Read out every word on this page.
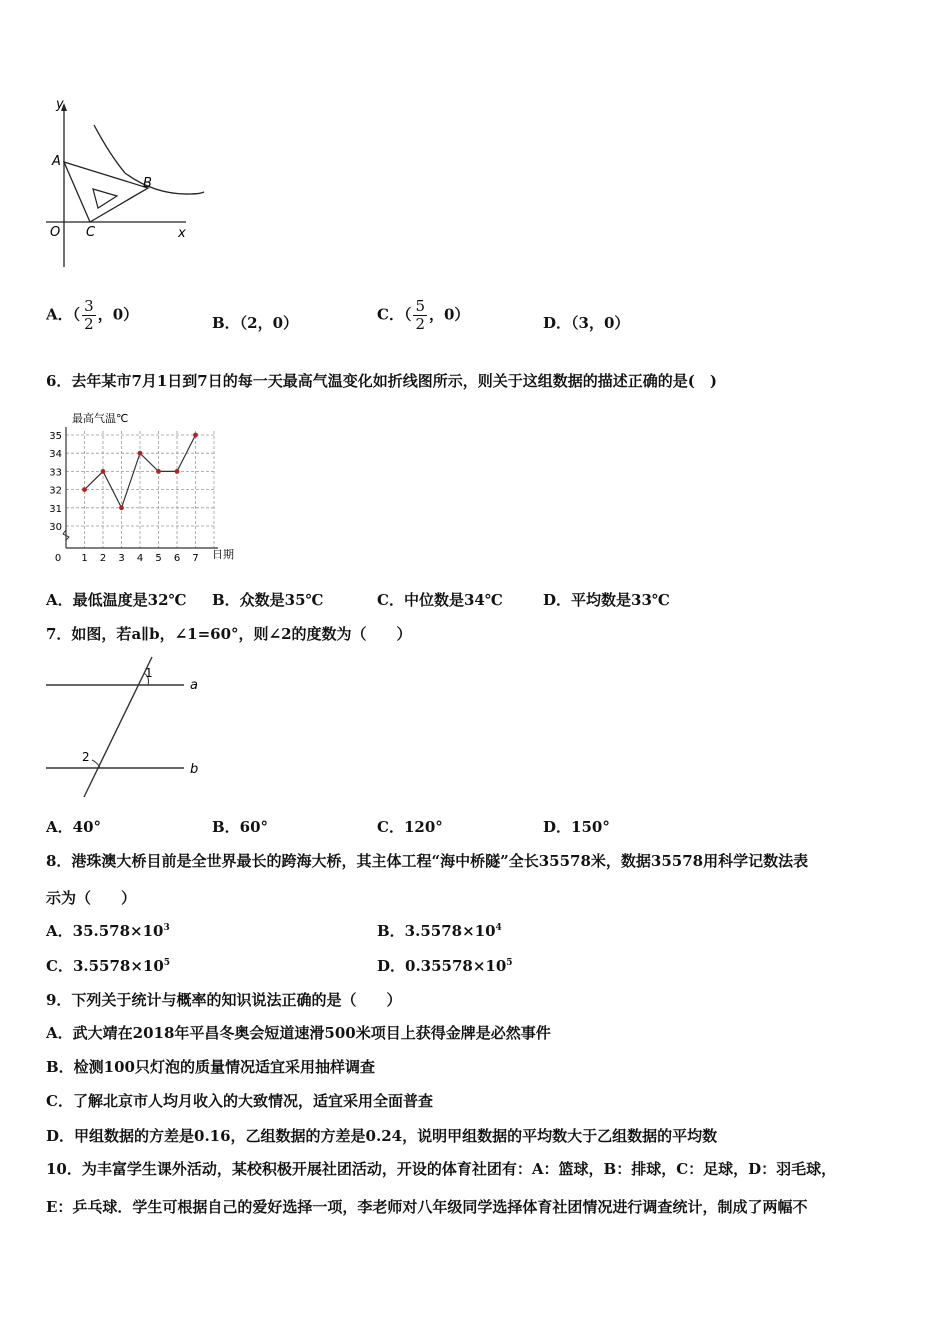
y
x
O
A
B
C
A．（ $\frac{3}{2}$ ，0）	B．（2，0）	C．（ $\frac{5}{2}$ ，0）	D．（3，0）
6．去年某市7月1日到7日的每一天最高气温变化如折线图所示，则关于这组数据的描述正确的是(　)
最高气温℃
日期
30
31
32
33
34
35
0 1 2 3 4 5 6 7
A．最低温度是32℃ B．众数是35℃	C．中位数是34℃	D．平均数是33℃
7．如图，若a∥b，∠1=60°，则∠2的度数为（　　）
a
b
1
2
A．40°	B．60°	C．120°	D．150°
8．港珠澳大桥目前是全世界最长的跨海大桥，其主体工程“海中桥隧”全长35578米，数据35578用科学记数法表
示为（　　）
A．$35.578\times 10^3$	B．$3.5578\times 10^4$
C．$3.5578\times 10^5$	D．$0.35578\times 10^5$
9．下列关于统计与概率的知识说法正确的是（　　）
A．武大靖在2018年平昌冬奥会短道速滑500米项目上获得金牌是必然事件
B．检测100只灯泡的质量情况适宜采用抽样调查
C．了解北京市人均月收入的大致情况，适宜采用全面普查
D．甲组数据的方差是0.16，乙组数据的方差是0.24，说明甲组数据的平均数大于乙组数据的平均数
10．为丰富学生课外活动，某校积极开展社团活动，开设的体育社团有：A：篮球，B：排球，C：足球，D：羽毛球，
E：乒乓球．学生可根据自己的爱好选择一项，李老师对八年级同学选择体育社团情况进行调查统计，制成了两幅不
